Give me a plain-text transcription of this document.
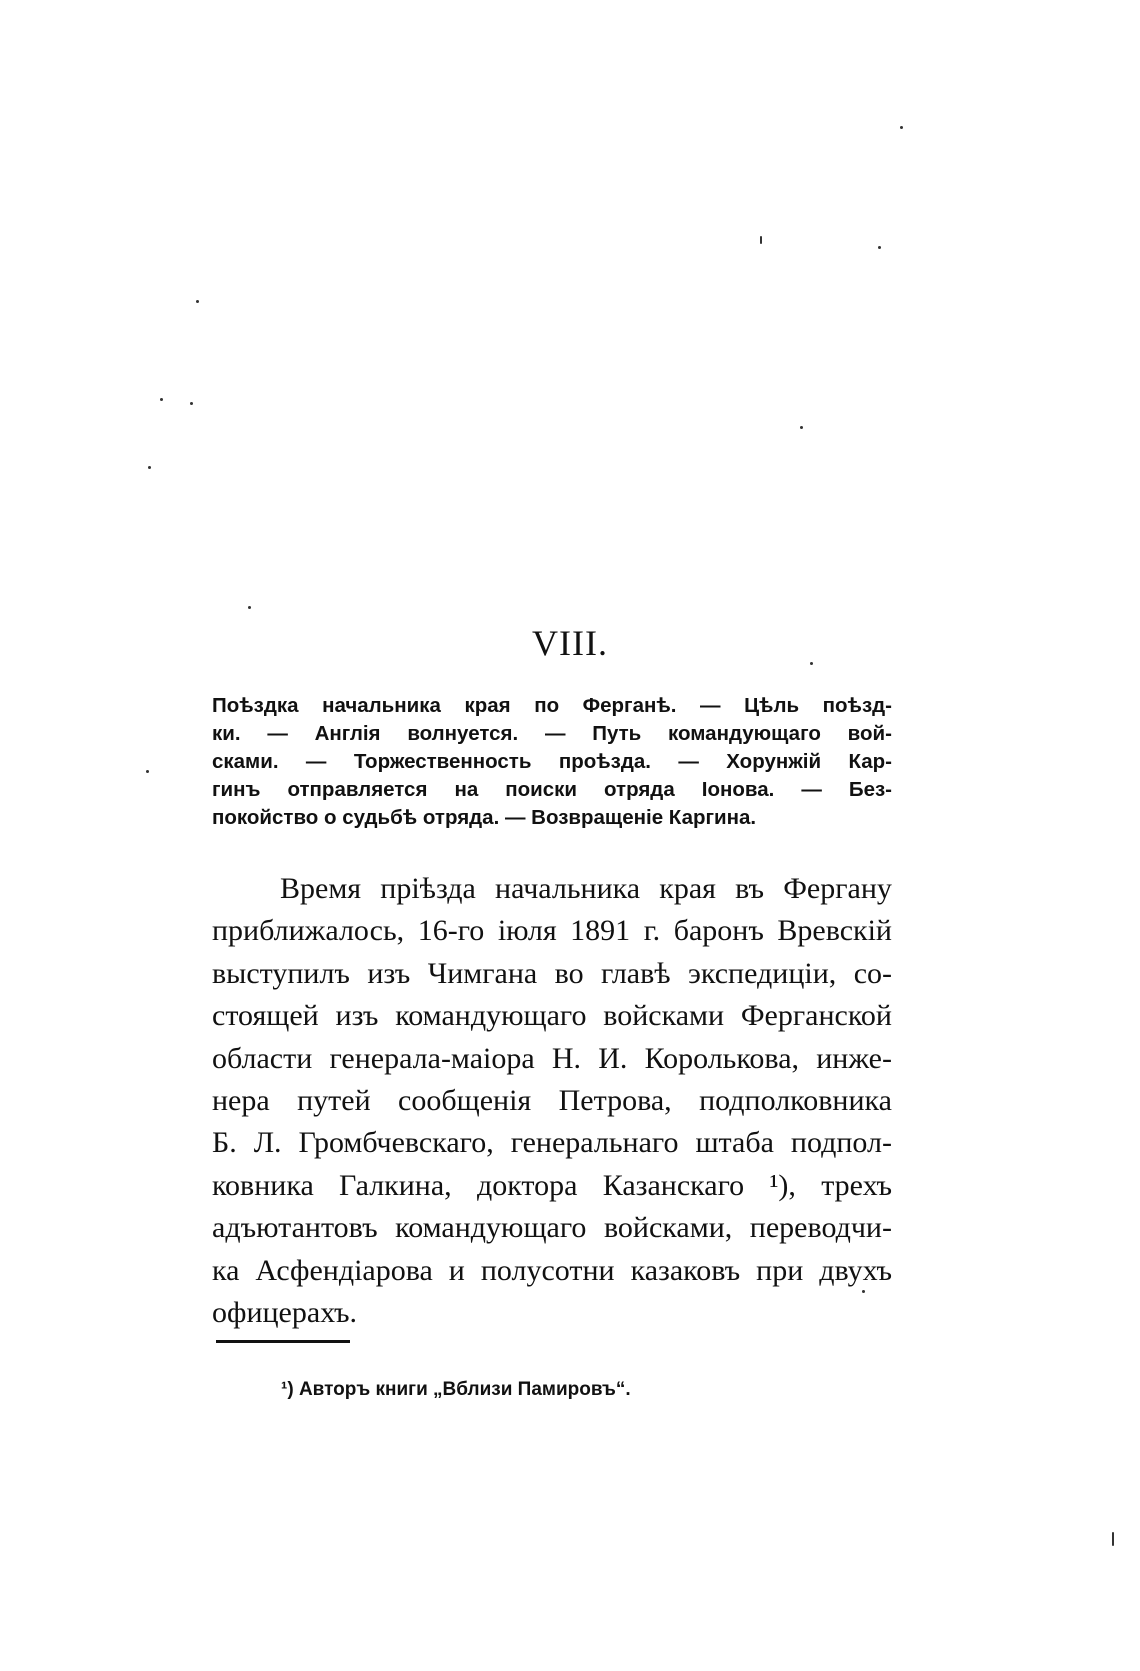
VIII.
Поѣздка начальника края по Ферганѣ. — Цѣль поѣзд-
ки. — Англія волнуется. — Путь командующаго вой-
сками. — Торжественность проѣзда. — Хорунжій Кар-
гинъ отправляется на поиски отряда Іонова. — Без-
покойство о судьбѣ отряда. — Возвращеніе Каргина.
Время пріѣзда начальника края въ Фергану
приближалось, 16-го іюля 1891 г. баронъ Вревскій
выступилъ изъ Чимгана во главѣ экспедиціи, со-
стоящей изъ командующаго войсками Ферганской
области генерала-маіора Н. И. Королькова, инже-
нера путей сообщенія Петрова, подполковника
Б. Л. Громбчевскаго, генеральнаго штаба подпол-
ковника Галкина, доктора Казанскаго ¹), трехъ
адъютантовъ командующаго войсками, переводчи-
ка Асфендіарова и полусотни казаковъ при двухъ
офицерахъ.
¹) Авторъ книги „Вблизи Памировъ“.
